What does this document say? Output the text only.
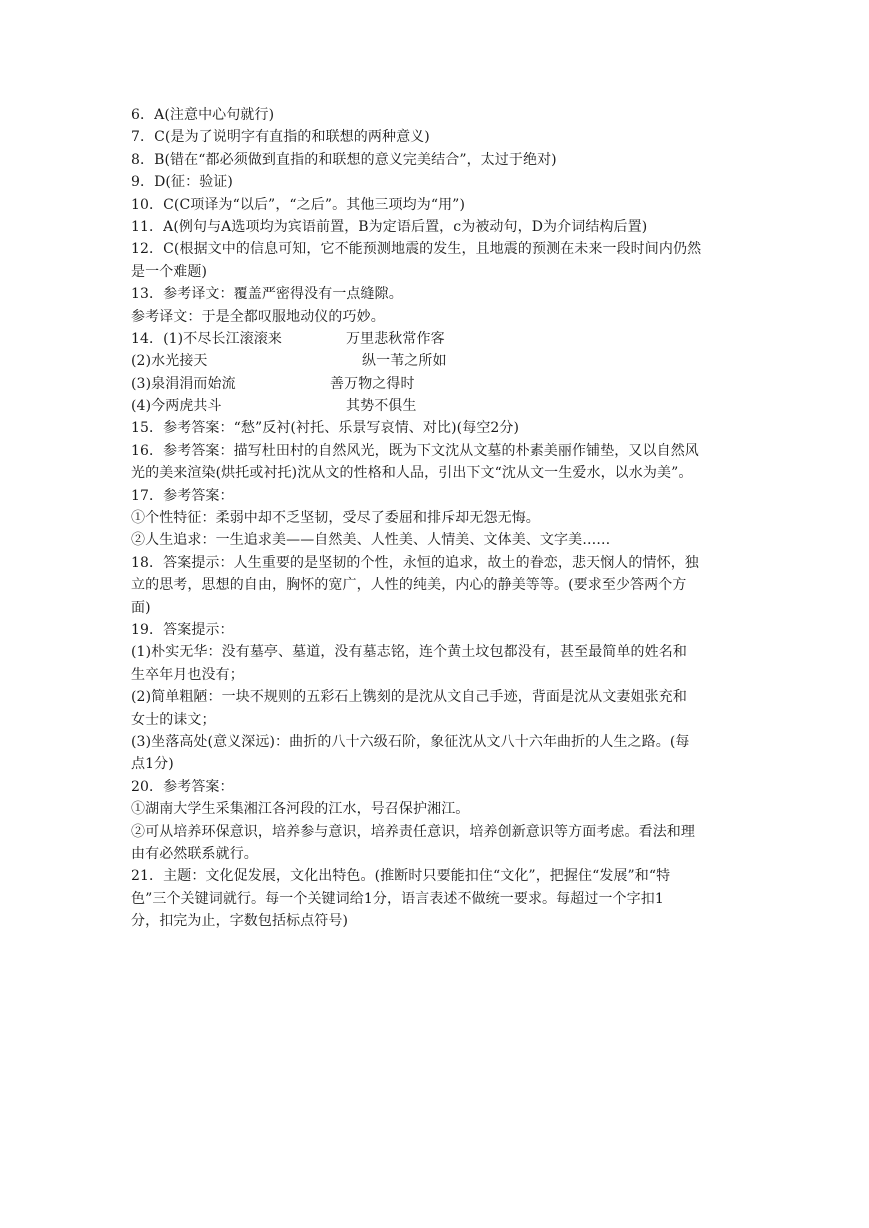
6．A(注意中心句就行)
7．C(是为了说明字有直指的和联想的两种意义)
8．B(错在“都必须做到直指的和联想的意义完美结合”，太过于绝对)
9．D(征：验证)
10．C(C项译为“以后”，“之后”。其他三项均为“用”)
11．A(例句与A选项均为宾语前置，B为定语后置，c为被动句，D为介词结构后置)
12．C(根据文中的信息可知，它不能预测地震的发生，且地震的预测在未来一段时间内仍然
是一个难题)
13．参考译文：覆盖严密得没有一点缝隙。
参考译文：于是全都叹服地动仪的巧妙。
14．(1)不尽长江滚滚来	万里悲秋常作客
(2)水光接天	纵一苇之所如
(3)泉涓涓而始流	善万物之得时
(4)今两虎共斗	其势不俱生
15．参考答案：“愁”反衬(衬托、乐景写哀情、对比)(每空2分)
16．参考答案：描写杜田村的自然风光，既为下文沈从文墓的朴素美丽作铺垫，又以自然风
光的美来渲染(烘托或衬托)沈从文的性格和人品，引出下文“沈从文一生爱水，以水为美”。
17．参考答案：
①个性特征：柔弱中却不乏坚韧，受尽了委屈和排斥却无怨无悔。
②人生追求：一生追求美——自然美、人性美、人情美、文体美、文字美……
18．答案提示：人生重要的是坚韧的个性，永恒的追求，故土的眷恋，悲天悯人的情怀，独
立的思考，思想的自由，胸怀的宽广，人性的纯美，内心的静美等等。(要求至少答两个方
面)
19．答案提示：
(1)朴实无华：没有墓亭、墓道，没有墓志铭，连个黄土坟包都没有，甚至最简单的姓名和
生卒年月也没有；
(2)简单粗陋：一块不规则的五彩石上镌刻的是沈从文自己手迹，背面是沈从文妻姐张充和
女士的诔文；
(3)坐落高处(意义深远)：曲折的八十六级石阶，象征沈从文八十六年曲折的人生之路。(每
点1分)
20．参考答案：
①湖南大学生采集湘江各河段的江水，号召保护湘江。
②可从培养环保意识，培养参与意识，培养责任意识，培养创新意识等方面考虑。看法和理
由有必然联系就行。
21．主题：文化促发展，文化出特色。(推断时只要能扣住“文化”，把握住“发展”和“特
色”三个关键词就行。每一个关键词给1分，语言表述不做统一要求。每超过一个字扣1
分，扣完为止，字数包括标点符号)
